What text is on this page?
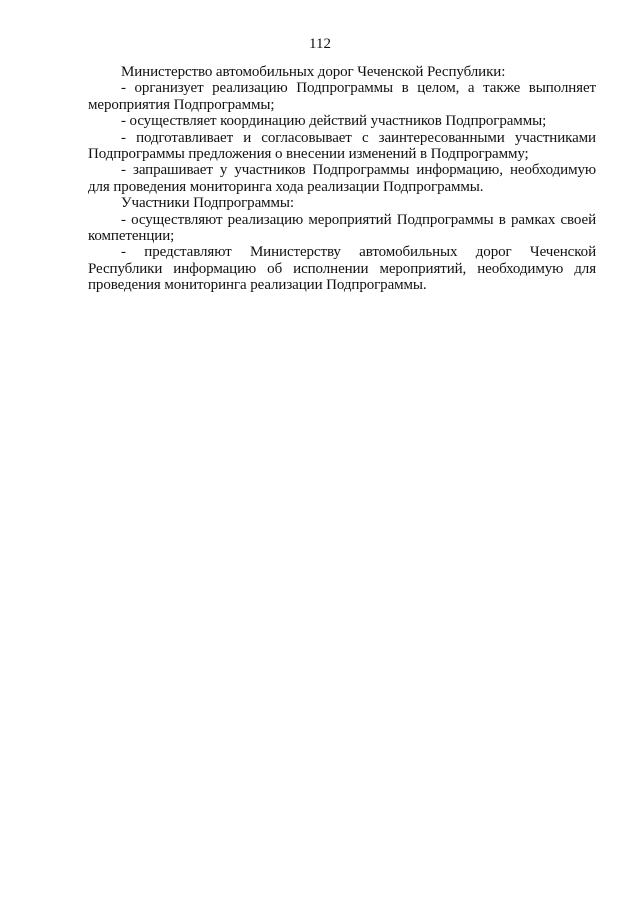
112

Министерство автомобильных дорог Чеченской Республики:

- организует реализацию Подпрограммы в целом, а также выполняет мероприятия Подпрограммы;

- осуществляет координацию действий участников Подпрограммы;

- подготавливает и согласовывает с заинтересованными участниками Подпрограммы предложения о внесении изменений в Подпрограмму;

- запрашивает у участников Подпрограммы информацию, необходимую для проведения мониторинга хода реализации Подпрограммы.

Участники Подпрограммы:

- осуществляют реализацию мероприятий Подпрограммы в рамках своей компетенции;

- представляют Министерству автомобильных дорог Чеченской Республики информацию об исполнении мероприятий, необходимую для проведения мониторинга реализации Подпрограммы.
